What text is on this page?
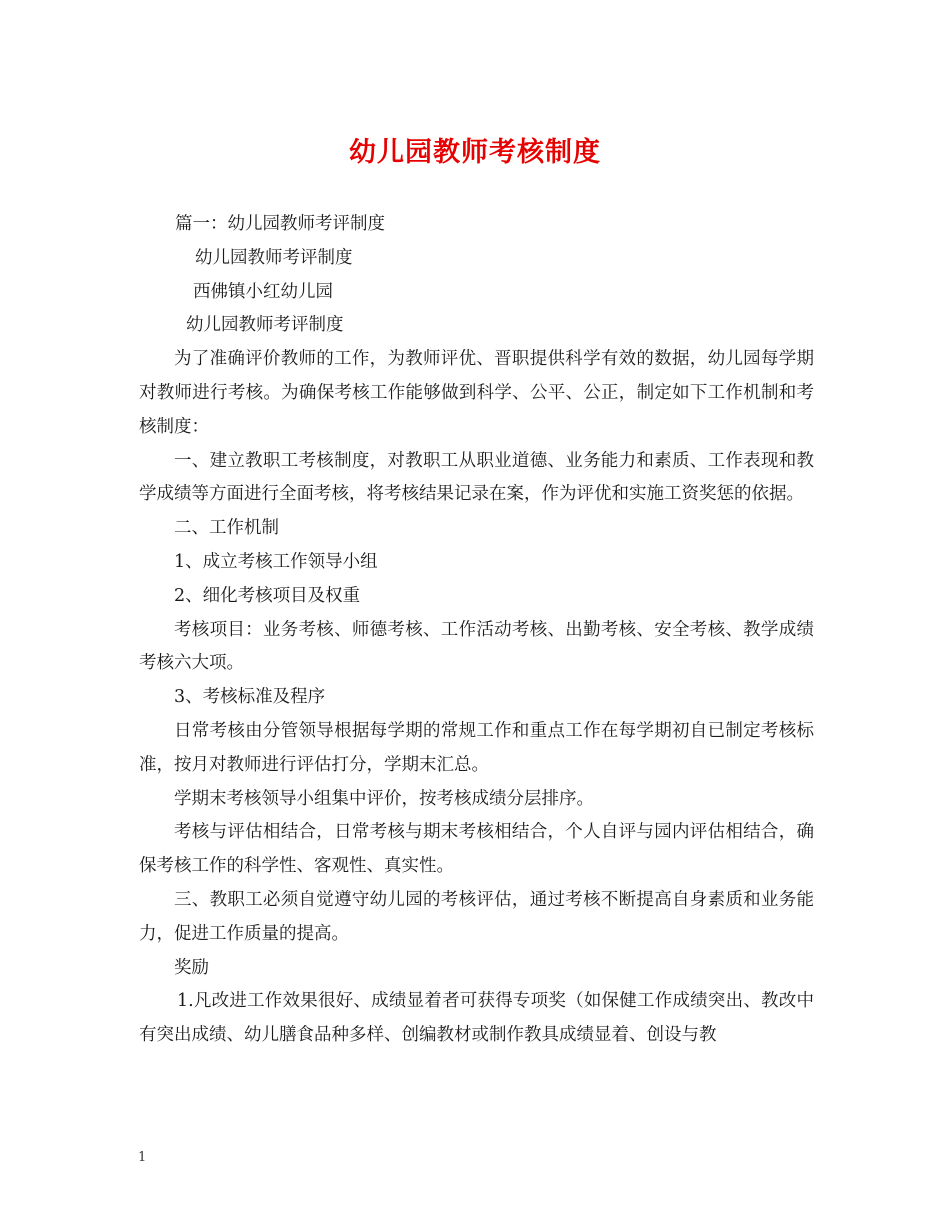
幼儿园教师考核制度

篇一：幼儿园教师考评制度

幼儿园教师考评制度

西佛镇小红幼儿园

幼儿园教师考评制度

为了准确评价教师的工作，为教师评优、晋职提供科学有效的数据，幼儿园每学期对教师进行考核。为确保考核工作能够做到科学、公平、公正，制定如下工作机制和考核制度：

一、建立教职工考核制度，对教职工从职业道德、业务能力和素质、工作表现和教学成绩等方面进行全面考核，将考核结果记录在案，作为评优和实施工资奖惩的依据。

二、工作机制

1、成立考核工作领导小组

2、细化考核项目及权重

考核项目：业务考核、师德考核、工作活动考核、出勤考核、安全考核、教学成绩考核六大项。

3、考核标准及程序

日常考核由分管领导根据每学期的常规工作和重点工作在每学期初自已制定考核标准，按月对教师进行评估打分，学期末汇总。

学期末考核领导小组集中评价，按考核成绩分层排序。

考核与评估相结合，日常考核与期末考核相结合，个人自评与园内评估相结合，确保考核工作的科学性、客观性、真实性。

三、教职工必须自觉遵守幼儿园的考核评估，通过考核不断提高自身素质和业务能力，促进工作质量的提高。

奖励

1.凡改进工作效果很好、成绩显着者可获得专项奖（如保健工作成绩突出、教改中有突出成绩、幼儿膳食品种多样、创编教材或制作教具成绩显着、创设与教

1
